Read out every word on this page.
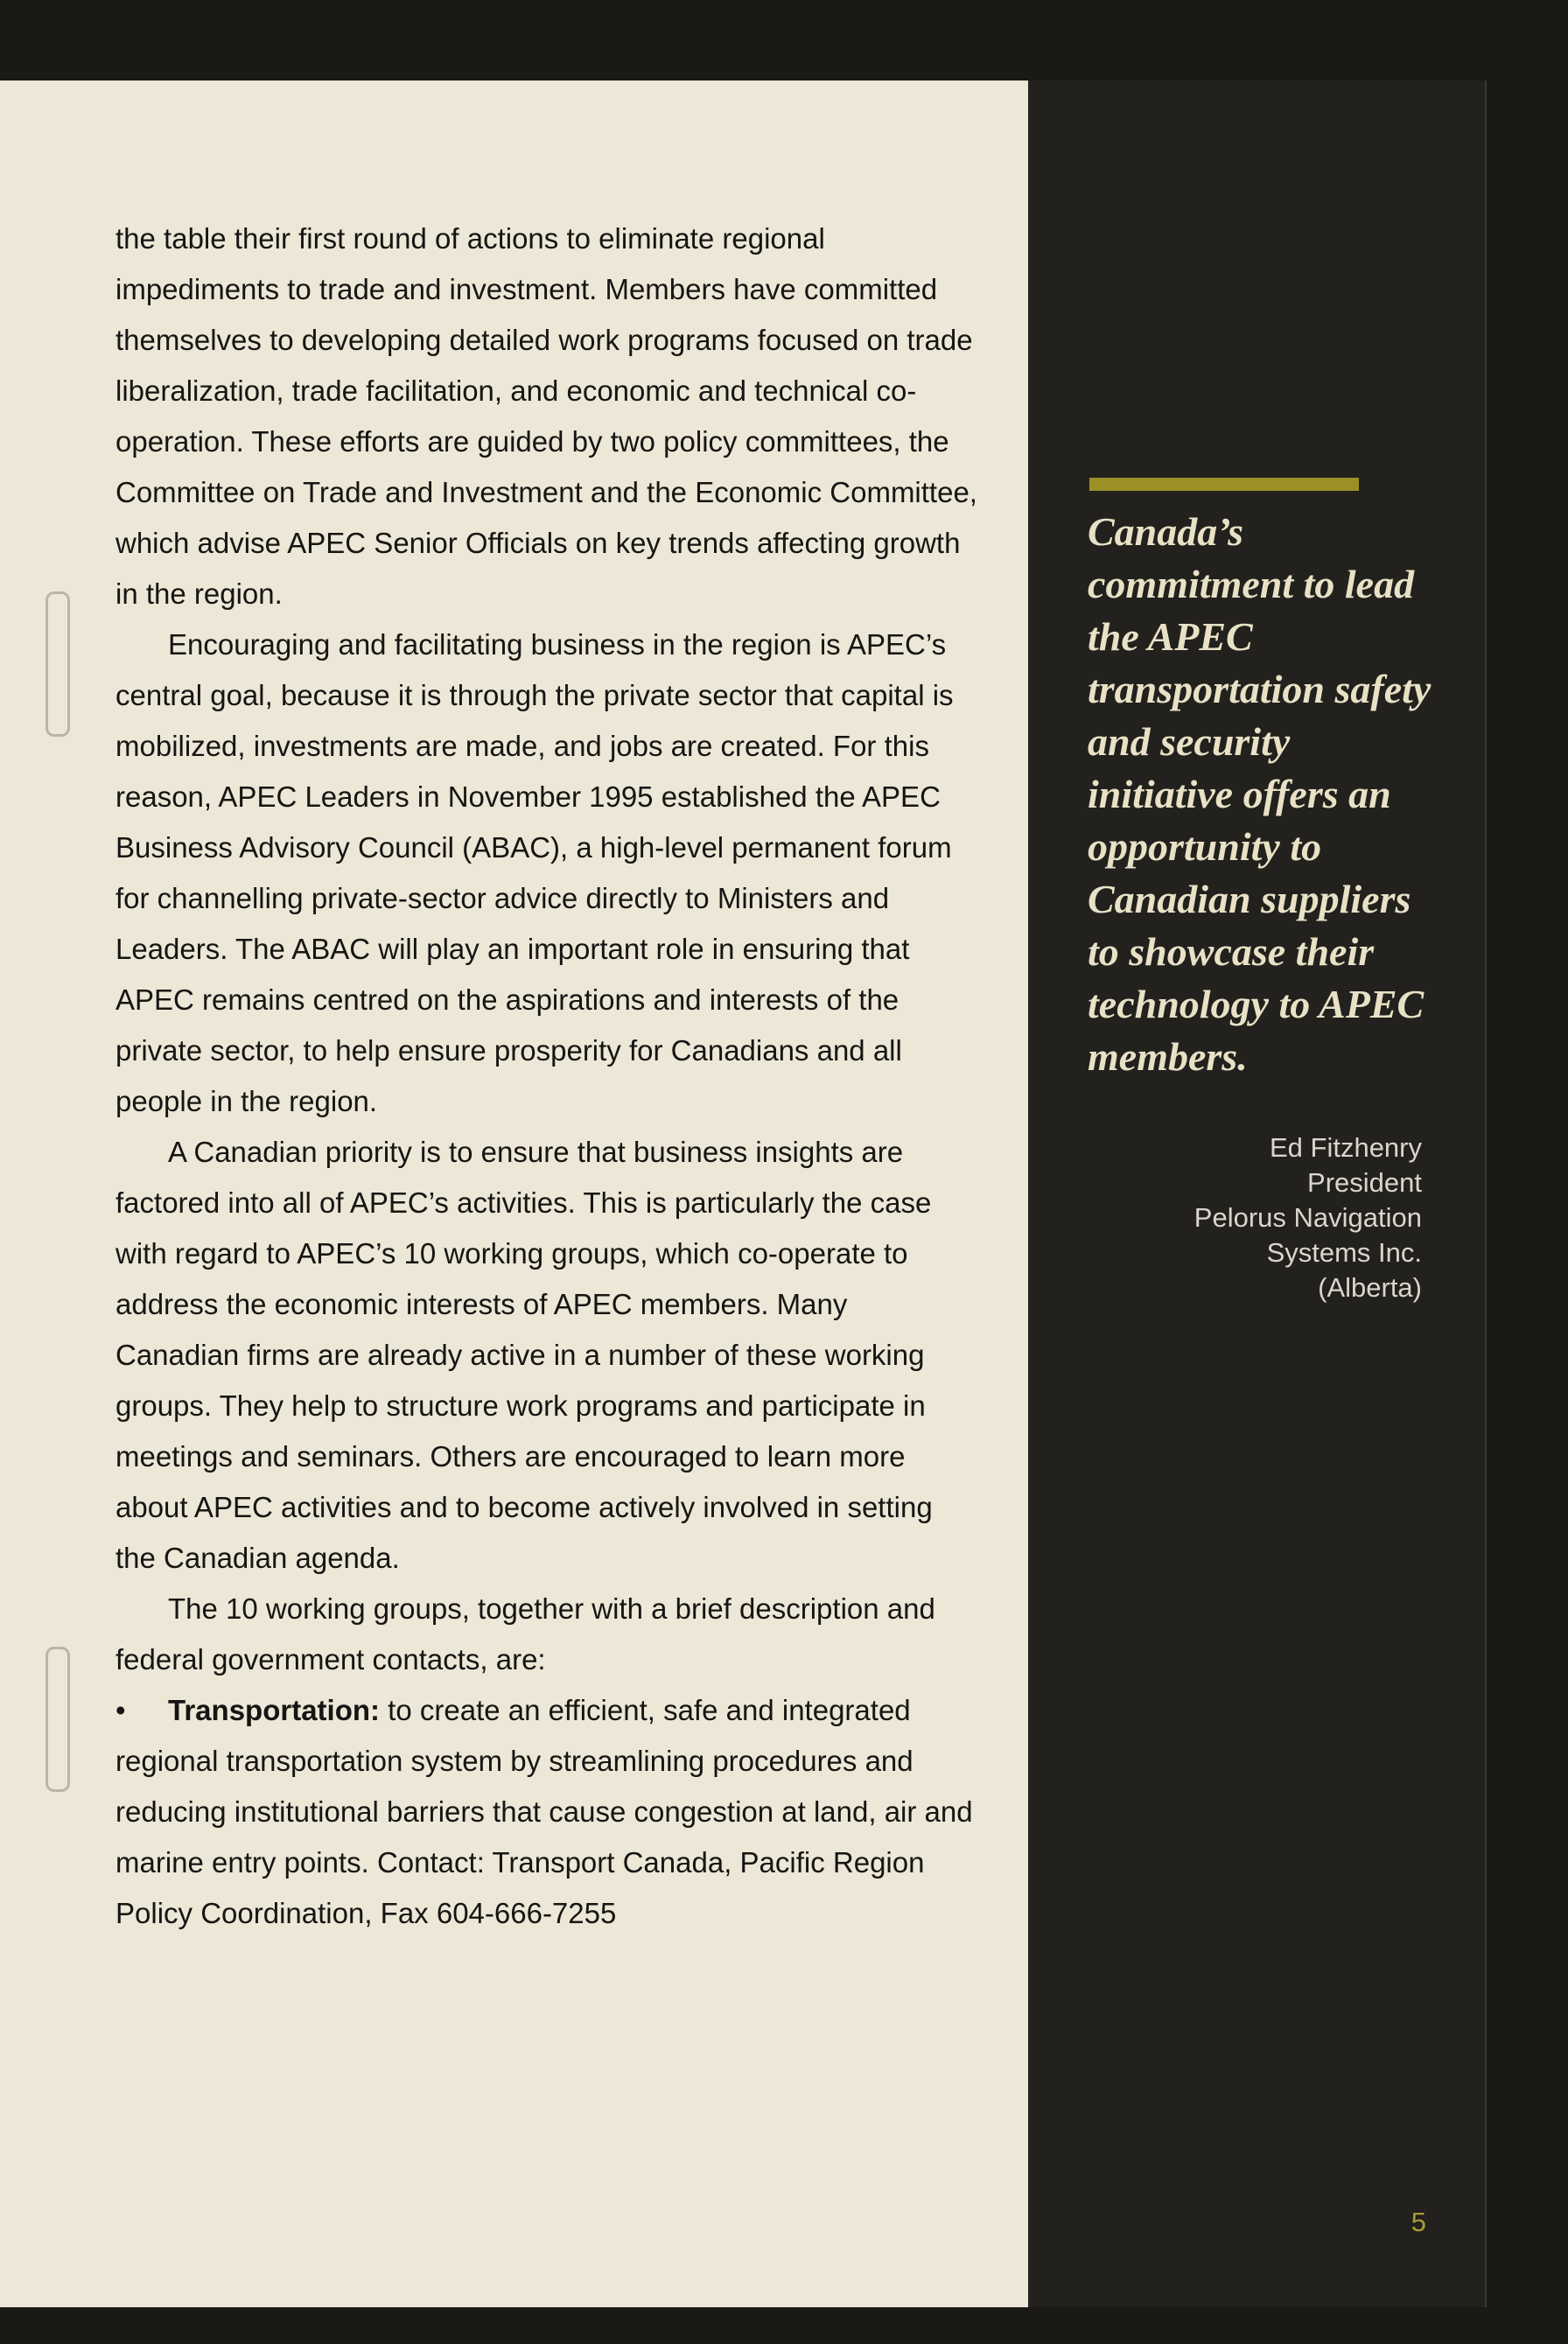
the table their first round of actions to eliminate regional impediments to trade and investment. Members have committed themselves to developing detailed work programs focused on trade liberalization, trade facilitation, and economic and technical co-operation. These efforts are guided by two policy committees, the Committee on Trade and Investment and the Economic Committee, which advise APEC Senior Officials on key trends affecting growth in the region.

Encouraging and facilitating business in the region is APEC’s central goal, because it is through the private sector that capital is mobilized, investments are made, and jobs are created. For this reason, APEC Leaders in November 1995 established the APEC Business Advisory Council (ABAC), a high-level permanent forum for channelling private-sector advice directly to Ministers and Leaders. The ABAC will play an important role in ensuring that APEC remains centred on the aspirations and interests of the private sector, to help ensure prosperity for Canadians and all people in the region.

A Canadian priority is to ensure that business insights are factored into all of APEC’s activities. This is particularly the case with regard to APEC’s 10 working groups, which co-operate to address the economic interests of APEC members. Many Canadian firms are already active in a number of these working groups. They help to structure work programs and participate in meetings and seminars. Others are encouraged to learn more about APEC activities and to become actively involved in setting the Canadian agenda.

The 10 working groups, together with a brief description and federal government contacts, are:

• Transportation: to create an efficient, safe and integrated regional transportation system by streamlining procedures and reducing institutional barriers that cause congestion at land, air and marine entry points. Contact: Transport Canada, Pacific Region Policy Coordination, Fax 604-666-7255

Canada’s commitment to lead the APEC transportation safety and security initiative offers an opportunity to Canadian suppliers to showcase their technology to APEC members.

Ed Fitzhenry
President
Pelorus Navigation
Systems Inc.
(Alberta)
5
